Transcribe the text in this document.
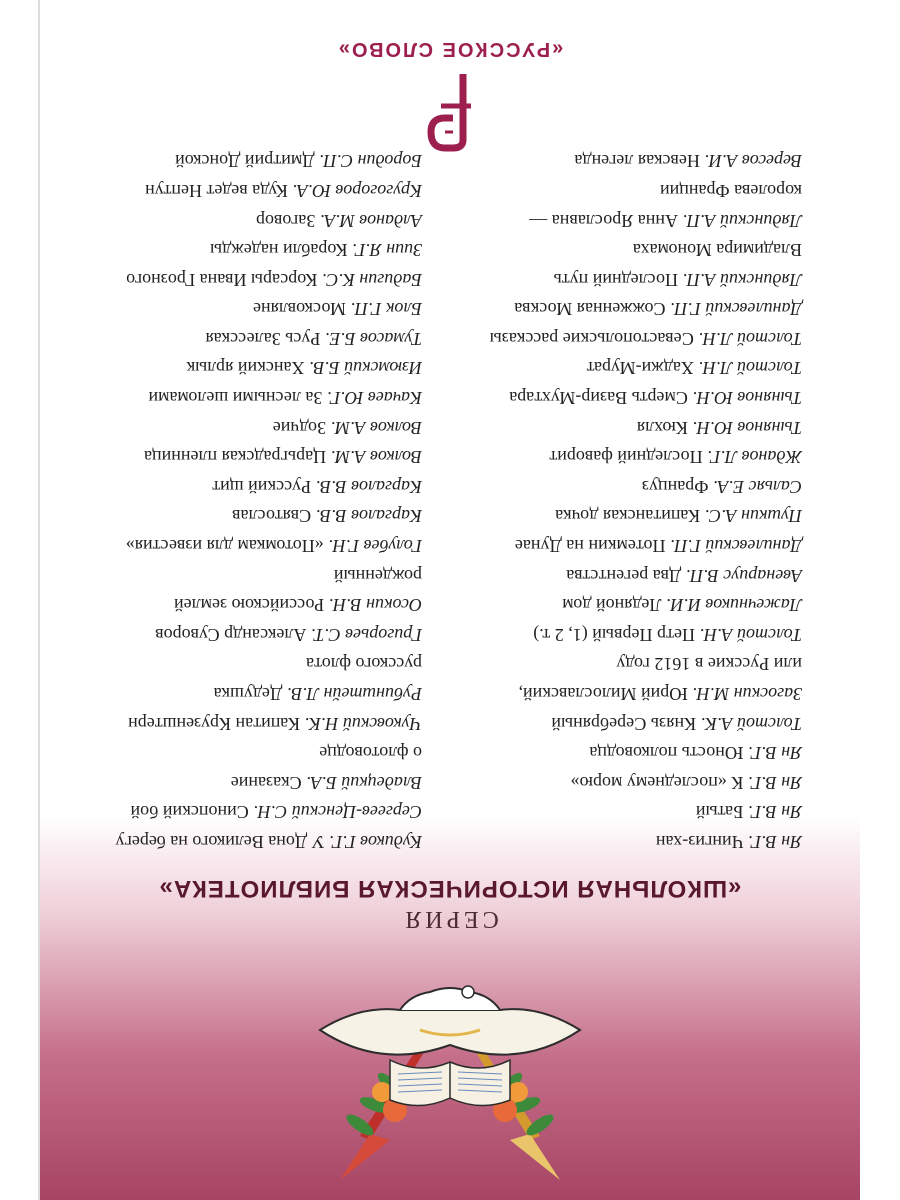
СЕРИЯ
«ШКОЛЬНАЯ ИСТОРИЧЕСКАЯ БИБЛИОТЕКА»
Ян В.Г. Чингиз-хан
Ян В.Г. Батый
Ян В.Г. К «последнему морю»
Ян В.Г. Юность полководца
Толстой А.К. Князь Серебряный
Загоскин М.Н. Юрий Милославский,
или Русские в 1612 году
Толстой А.Н. Петр Первый (1, 2 т.)
Лажечников И.И. Ледяной дом
Авенариус В.П. Два регентства
Данилевский Г.П. Потемкин на Дунае
Пушкин А.С. Капитанская дочка
Сальяс Е.А. Француз
Жданов Л.Г. Последний фаворит
Тынянов Ю.Н. Кюхля
Тынянов Ю.Н. Смерть Вазир-Мухтара
Толстой Л.Н. Хаджи-Мурат
Толстой Л.Н. Севастопольские рассказы
Данилевский Г.П. Сожженная Москва
Лядинский А.П. Последний путь
Владимира Мономаха
Лядинский А.П. Анна Ярославна —
королева Франции
Вересов А.И. Невская легенда
Кудиков Г.Г. У Дона Великого на берегу
Сергеев-Ценский С.Н. Синопский бой
Владецкий Б.А. Сказание
о флотоводце
Чуковский Н.К. Капитан Крузенштерн
Рубинштейн Л.В. Дедушка
русского флота
Григорьев С.Т. Александр Суворов
Осокин В.Н. Российскою землей
рожденный
Голубев Г.Н. «Потомкам для известия»
Каргалов В.В. Святослав
Каргалов В.В. Русский щит
Волков А.М. Царьградская пленница
Волков А.М. Зодчие
Качаев Ю.Г. За лесными шеломами
Изюмский Б.В. Ханский ярлык
Тумасов Б.Е. Русь Залесская
Блок Г.П. Московляне
Бадигин К.С. Корсары Ивана Грозного
Зиин Я.Г. Корабли надежды
Алданов М.А. Заговор
Кругогоров Ю.А. Куда ведет Нептун
Бородин С.П. Дмитрий Донской
«РУССКОЕ СЛОВО»
